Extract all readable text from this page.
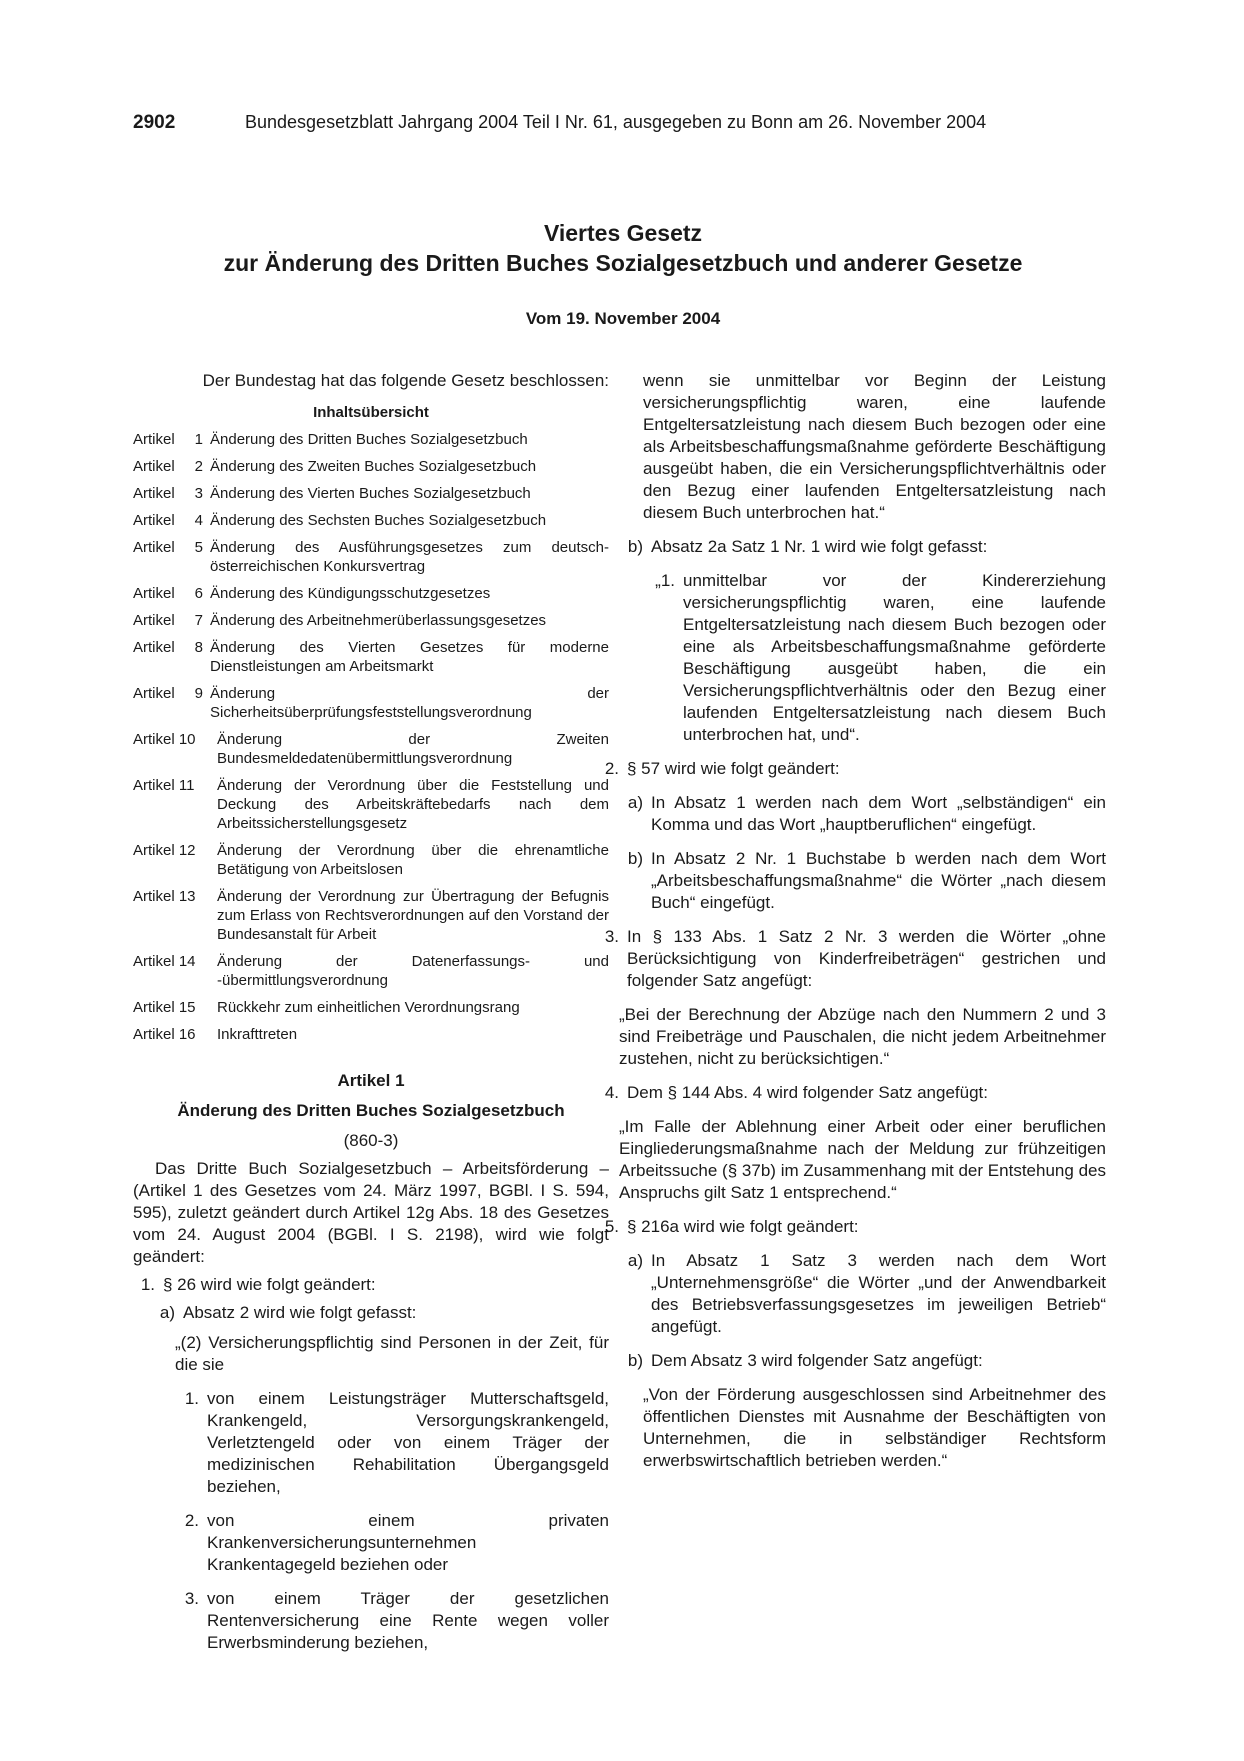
2902	Bundesgesetzblatt Jahrgang 2004 Teil I Nr. 61, ausgegeben zu Bonn am 26. November 2004
Viertes Gesetz
zur Änderung des Dritten Buches Sozialgesetzbuch und anderer Gesetze
Vom 19. November 2004

Der Bundestag hat das folgende Gesetz beschlossen:

Inhaltsübersicht
Artikel	1 Änderung des Dritten Buches Sozialgesetzbuch
Artikel	2 Änderung des Zweiten Buches Sozialgesetzbuch
Artikel	3 Änderung des Vierten Buches Sozialgesetzbuch
Artikel	4 Änderung des Sechsten Buches Sozialgesetzbuch
Artikel	5 Änderung des Ausführungsgesetzes zum deutsch-österreichischen Konkursvertrag
Artikel	6 Änderung des Kündigungsschutzgesetzes
Artikel	7 Änderung des Arbeitnehmerüberlassungsgesetzes
Artikel	8 Änderung des Vierten Gesetzes für moderne Dienstleistungen am Arbeitsmarkt
Artikel	9 Änderung der Sicherheitsüberprüfungsfeststellungsverordnung
Artikel 10	Änderung der Zweiten Bundesmeldedatenübermittlungsverordnung
Artikel 11	Änderung der Verordnung über die Feststellung und Deckung des Arbeitskräftebedarfs nach dem Arbeitssicherstellungsgesetz
Artikel 12	Änderung der Verordnung über die ehrenamtliche Betätigung von Arbeitslosen
Artikel 13	Änderung der Verordnung zur Übertragung der Befugnis zum Erlass von Rechtsverordnungen auf den Vorstand der Bundesanstalt für Arbeit
Artikel 14	Änderung der Datenerfassungs- und -übermittlungsverordnung
Artikel 15	Rückkehr zum einheitlichen Verordnungsrang
Artikel 16	Inkrafttreten
Artikel 1
Änderung des Dritten Buches Sozialgesetzbuch
(860-3)

Das Dritte Buch Sozialgesetzbuch – Arbeitsförderung – (Artikel 1 des Gesetzes vom 24. März 1997, BGBl. I S. 594, 595), zuletzt geändert durch Artikel 12g Abs. 18 des Gesetzes vom 24. August 2004 (BGBl. I S. 2198), wird wie folgt geändert:

1. § 26 wird wie folgt geändert:
a) Absatz 2 wird wie folgt gefasst:

„(2) Versicherungspflichtig sind Personen in der Zeit, für die sie

1. von einem Leistungsträger Mutterschaftsgeld, Krankengeld, Versorgungskrankengeld, Verletztengeld oder von einem Träger der medizinischen Rehabilitation Übergangsgeld beziehen,
2. von einem privaten Krankenversicherungsunternehmen Krankentagegeld beziehen oder
3. von einem Träger der gesetzlichen Rentenversicherung eine Rente wegen voller Erwerbsminderung beziehen,

wenn sie unmittelbar vor Beginn der Leistung versicherungspflichtig waren, eine laufende Entgeltersatzleistung nach diesem Buch bezogen oder eine als Arbeitsbeschaffungsmaßnahme geförderte Beschäftigung ausgeübt haben, die ein Versicherungspflichtverhältnis oder den Bezug einer laufenden Entgeltersatzleistung nach diesem Buch unterbrochen hat.“

b) Absatz 2a Satz 1 Nr. 1 wird wie folgt gefasst:
„1. unmittelbar vor der Kindererziehung versicherungspflichtig waren, eine laufende Entgeltersatzleistung nach diesem Buch bezogen oder eine als Arbeitsbeschaffungsmaßnahme geförderte Beschäftigung ausgeübt haben, die ein Versicherungspflichtverhältnis oder den Bezug einer laufenden Entgeltersatzleistung nach diesem Buch unterbrochen hat, und“.
2. § 57 wird wie folgt geändert:
a) In Absatz 1 werden nach dem Wort „selbständigen“ ein Komma und das Wort „hauptberuflichen“ eingefügt.
b) In Absatz 2 Nr. 1 Buchstabe b werden nach dem Wort „Arbeitsbeschaffungsmaßnahme“ die Wörter „nach diesem Buch“ eingefügt.
3. In § 133 Abs. 1 Satz 2 Nr. 3 werden die Wörter „ohne Berücksichtigung von Kinderfreibeträgen“ gestrichen und folgender Satz angefügt:

„Bei der Berechnung der Abzüge nach den Nummern 2 und 3 sind Freibeträge und Pauschalen, die nicht jedem Arbeitnehmer zustehen, nicht zu berücksichtigen.“

4. Dem § 144 Abs. 4 wird folgender Satz angefügt:

„Im Falle der Ablehnung einer Arbeit oder einer beruflichen Eingliederungsmaßnahme nach der Meldung zur frühzeitigen Arbeitssuche (§ 37b) im Zusammenhang mit der Entstehung des Anspruchs gilt Satz 1 entsprechend.“

5. § 216a wird wie folgt geändert:
a) In Absatz 1 Satz 3 werden nach dem Wort „Unternehmensgröße“ die Wörter „und der Anwendbarkeit des Betriebsverfassungsgesetzes im jeweiligen Betrieb“ angefügt.
b) Dem Absatz 3 wird folgender Satz angefügt:

„Von der Förderung ausgeschlossen sind Arbeitnehmer des öffentlichen Dienstes mit Ausnahme der Beschäftigten von Unternehmen, die in selbständiger Rechtsform erwerbswirtschaftlich betrieben werden.“
